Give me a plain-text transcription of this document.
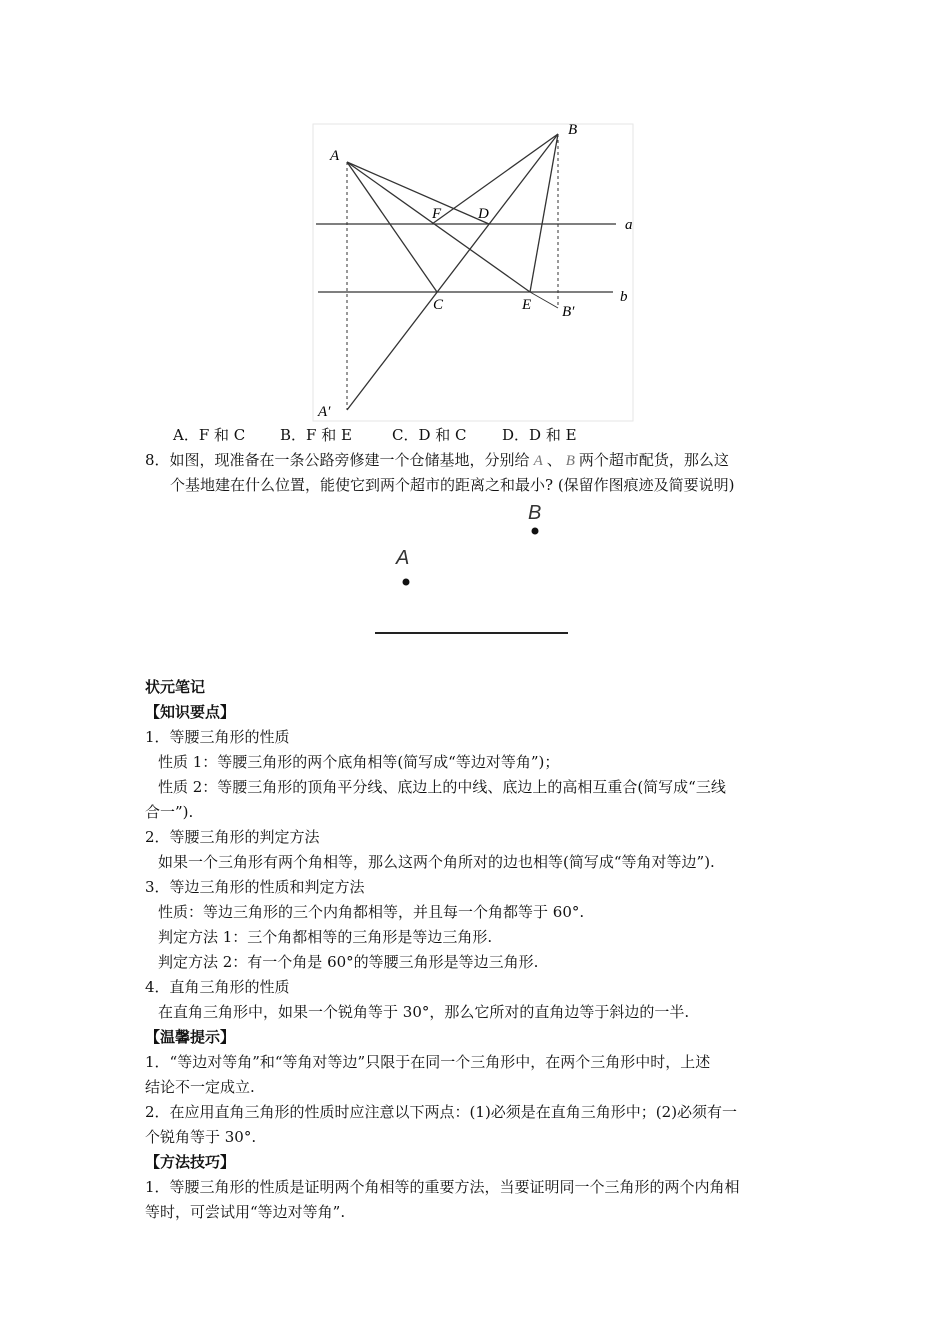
A
B
F D
a
b
C	E B′
A′
A．F 和 C B．F 和 E	C．D 和 C D．D 和 E
8．如图，现准备在一条公路旁修建一个仓储基地，分别给 A 、 B 两个超市配货，那么这
个基地建在什么位置，能使它到两个超市的距离之和最小? (保留作图痕迹及简要说明)
A
B
状元笔记
【知识要点】
1．等腰三角形的性质
性质 1：等腰三角形的两个底角相等(简写成“等边对等角”)；
性质 2：等腰三角形的顶角平分线、底边上的中线、底边上的高相互重合(简写成“三线
合一”).
2．等腰三角形的判定方法
如果一个三角形有两个角相等，那么这两个角所对的边也相等(简写成“等角对等边”).
3．等边三角形的性质和判定方法
性质：等边三角形的三个内角都相等，并且每一个角都等于 60°.
判定方法 1：三个角都相等的三角形是等边三角形.
判定方法 2：有一个角是 60°的等腰三角形是等边三角形.
4．直角三角形的性质
在直角三角形中，如果一个锐角等于 30°，那么它所对的直角边等于斜边的一半.
【温馨提示】
1．“等边对等角”和“等角对等边”只限于在同一个三角形中，在两个三角形中时，上述
结论不一定成立.
2．在应用直角三角形的性质时应注意以下两点：(1)必须是在直角三角形中；(2)必须有一
个锐角等于 30°.
【方法技巧】
1．等腰三角形的性质是证明两个角相等的重要方法，当要证明同一个三角形的两个内角相
等时，可尝试用“等边对等角”.
